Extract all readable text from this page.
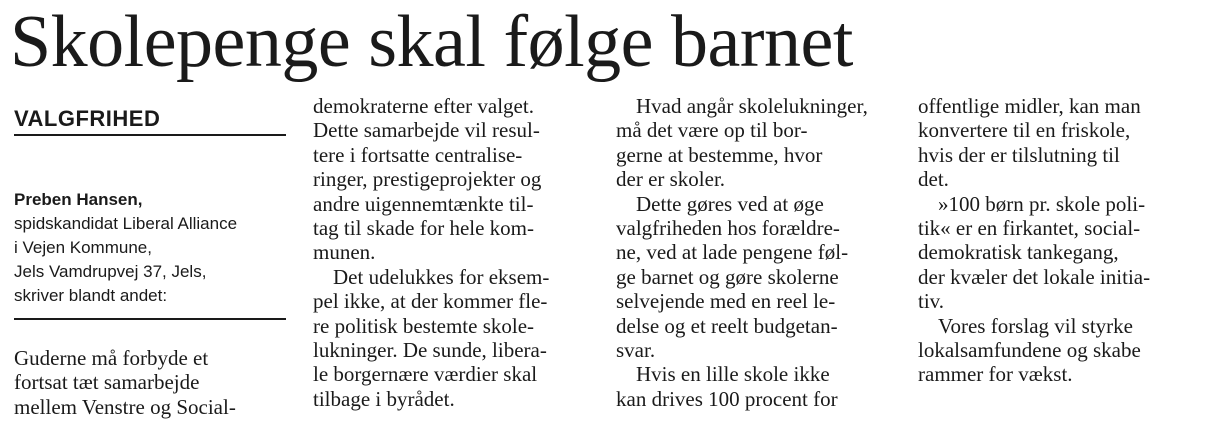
Skolepenge skal følge barnet
VALGFRIHED
Preben Hansen,
spidskandidat Liberal Alliance
i Vejen Kommune,
Jels Vamdrupvej 37, Jels,
skriver blandt andet:
Guderne må forbyde et
fortsat tæt samarbejde
mellem Venstre og Social-
demokraterne efter valget.
Dette samarbejde vil resul-
tere i fortsatte centralise-
ringer, prestigeprojekter og
andre uigennemtænkte til-
tag til skade for hele kom-
munen.
Det udelukkes for eksem-
pel ikke, at der kommer fle-
re politisk bestemte skole-
lukninger. De sunde, libera-
le borgernære værdier skal
tilbage i byrådet.
Hvad angår skolelukninger,
må det være op til bor-
gerne at bestemme, hvor
der er skoler.
Dette gøres ved at øge
valgfriheden hos forældre-
ne, ved at lade pengene føl-
ge barnet og gøre skolerne
selvejende med en reel le-
delse og et reelt budgetan-
svar.
Hvis en lille skole ikke
kan drives 100 procent for
offentlige midler, kan man
konvertere til en friskole,
hvis der er tilslutning til
det.
»100 børn pr. skole poli-
tik« er en firkantet, social-
demokratisk tankegang,
der kvæler det lokale initia-
tiv.
Vores forslag vil styrke
lokalsamfundene og skabe
rammer for vækst.
